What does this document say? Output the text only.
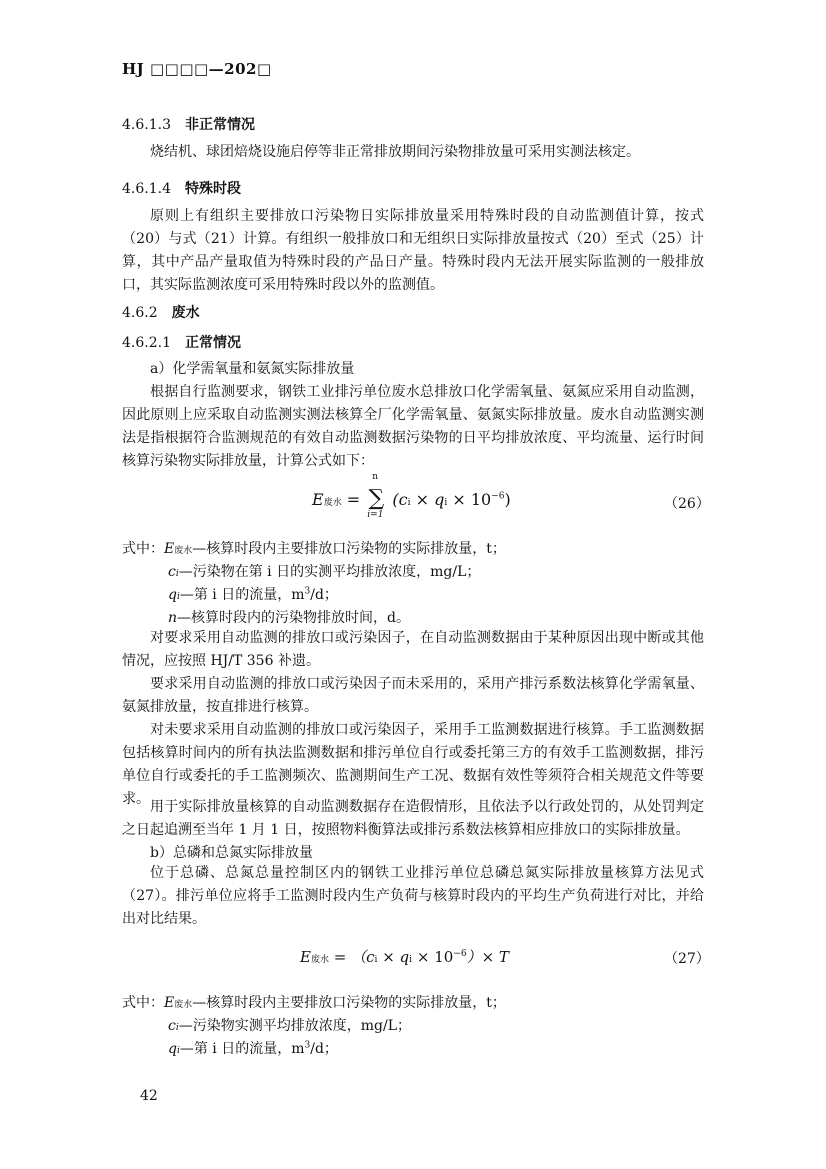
HJ □□□□—202□
4.6.1.3 非正常情况
烧结机、球团焙烧设施启停等非正常排放期间污染物排放量可采用实测法核定。
4.6.1.4 特殊时段
原则上有组织主要排放口污染物日实际排放量采用特殊时段的自动监测值计算，按式（20）与式（21）计算。有组织一般排放口和无组织日实际排放量按式（20）至式（25）计算，其中产品产量取值为特殊时段的产品日产量。特殊时段内无法开展实际监测的一般排放口，其实际监测浓度可采用特殊时段以外的监测值。
4.6.2 废水
4.6.2.1 正常情况
a）化学需氧量和氨氮实际排放量
根据自行监测要求，钢铁工业排污单位废水总排放口化学需氧量、氨氮应采用自动监测，因此原则上应采取自动监测实测法核算全厂化学需氧量、氨氮实际排放量。废水自动监测实测法是指根据符合监测规范的有效自动监测数据污染物的日平均排放浓度、平均流量、运行时间核算污染物实际排放量，计算公式如下：
E废水 =
n
∑
i=1
(ci × qi × $10^{-6}$)	（26）
式中：E废水—核算时段内主要排放口污染物的实际排放量，t；
ci—污染物在第 i 日的实测平均排放浓度，mg/L；
qi—第 i 日的流量，$m^3/d$；
n—核算时段内的污染物排放时间，d。
对要求采用自动监测的排放口或污染因子，在自动监测数据由于某种原因出现中断或其他情况，应按照 HJ/T 356 补遗。
要求采用自动监测的排放口或污染因子而未采用的，采用产排污系数法核算化学需氧量、氨氮排放量，按直排进行核算。
对未要求采用自动监测的排放口或污染因子，采用手工监测数据进行核算。手工监测数据包括核算时间内的所有执法监测数据和排污单位自行或委托第三方的有效手工监测数据，排污单位自行或委托的手工监测频次、监测期间生产工况、数据有效性等须符合相关规范文件等要求。 用于实际排放量核算的自动监测数据存在造假情形，且依法予以行政处罚的，从处罚判定之日起追溯至当年 1 月 1 日，按照物料衡算法或排污系数法核算相应排放口的实际排放量。
b）总磷和总氮实际排放量
位于总磷、总氮总量控制区内的钢铁工业排污单位总磷总氮实际排放量核算方法见式（27）。排污单位应将手工监测时段内生产负荷与核算时段内的平均生产负荷进行对比，并给出对比结果。
E废水 = （ci × qi × $10^{-6})\times T$	（27）
式中：E废水—核算时段内主要排放口污染物的实际排放量，t；
ci—污染物实测平均排放浓度，mg/L；
qi—第 i 日的流量，$m^3/d$；
42
